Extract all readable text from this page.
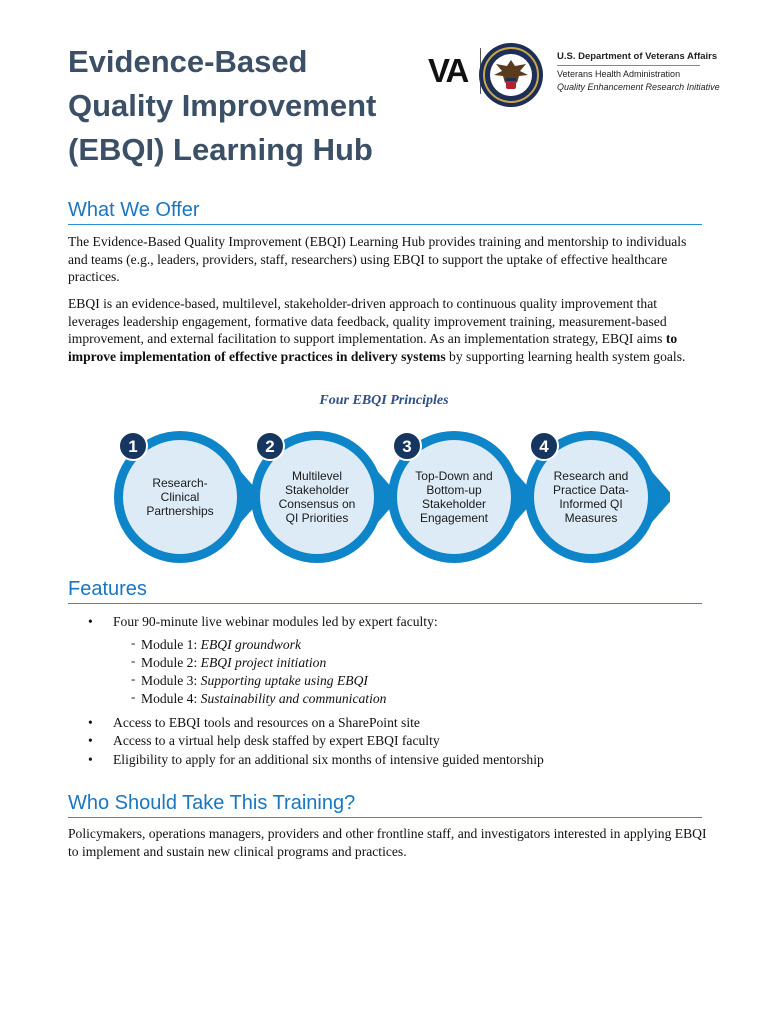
Evidence-Based
Quality Improvement
(EBQI) Learning Hub
VA	U.S. Department of Veterans Affairs
Veterans Health Administration
Quality Enhancement Research Initiative
What We Offer

The Evidence-Based Quality Improvement (EBQI) Learning Hub provides training and mentorship to individuals and teams (e.g., leaders, providers, staff, researchers) using EBQI to support the uptake of effective healthcare practices.

EBQI is an evidence-based, multilevel, stakeholder-driven approach to continuous quality improvement that leverages leadership engagement, formative data feedback, quality improvement training, measurement-based improvement, and external facilitation to support implementation. As an implementation strategy, EBQI aims to improve implementation of effective practices in delivery systems by supporting learning health system goals.

Four EBQI Principles
1
Research-
Clinical
Partnerships
2
Multilevel
Stakeholder
Consensus on
QI Priorities
3
Top-Down and
Bottom-up
Stakeholder
Engagement
4
Research and
Practice Data-
Informed QI
Measures
Features
• Four 90-minute live webinar modules led by expert faculty:
- Module 1: EBQI groundwork
- Module 2: EBQI project initiation
- Module 3: Supporting uptake using EBQI
- Module 4: Sustainability and communication
• Access to EBQI tools and resources on a SharePoint site
• Access to a virtual help desk staffed by expert EBQI faculty
• Eligibility to apply for an additional six months of intensive guided mentorship
Who Should Take This Training?

Policymakers, operations managers, providers and other frontline staff, and investigators interested in applying EBQI to implement and sustain new clinical programs and practices.
